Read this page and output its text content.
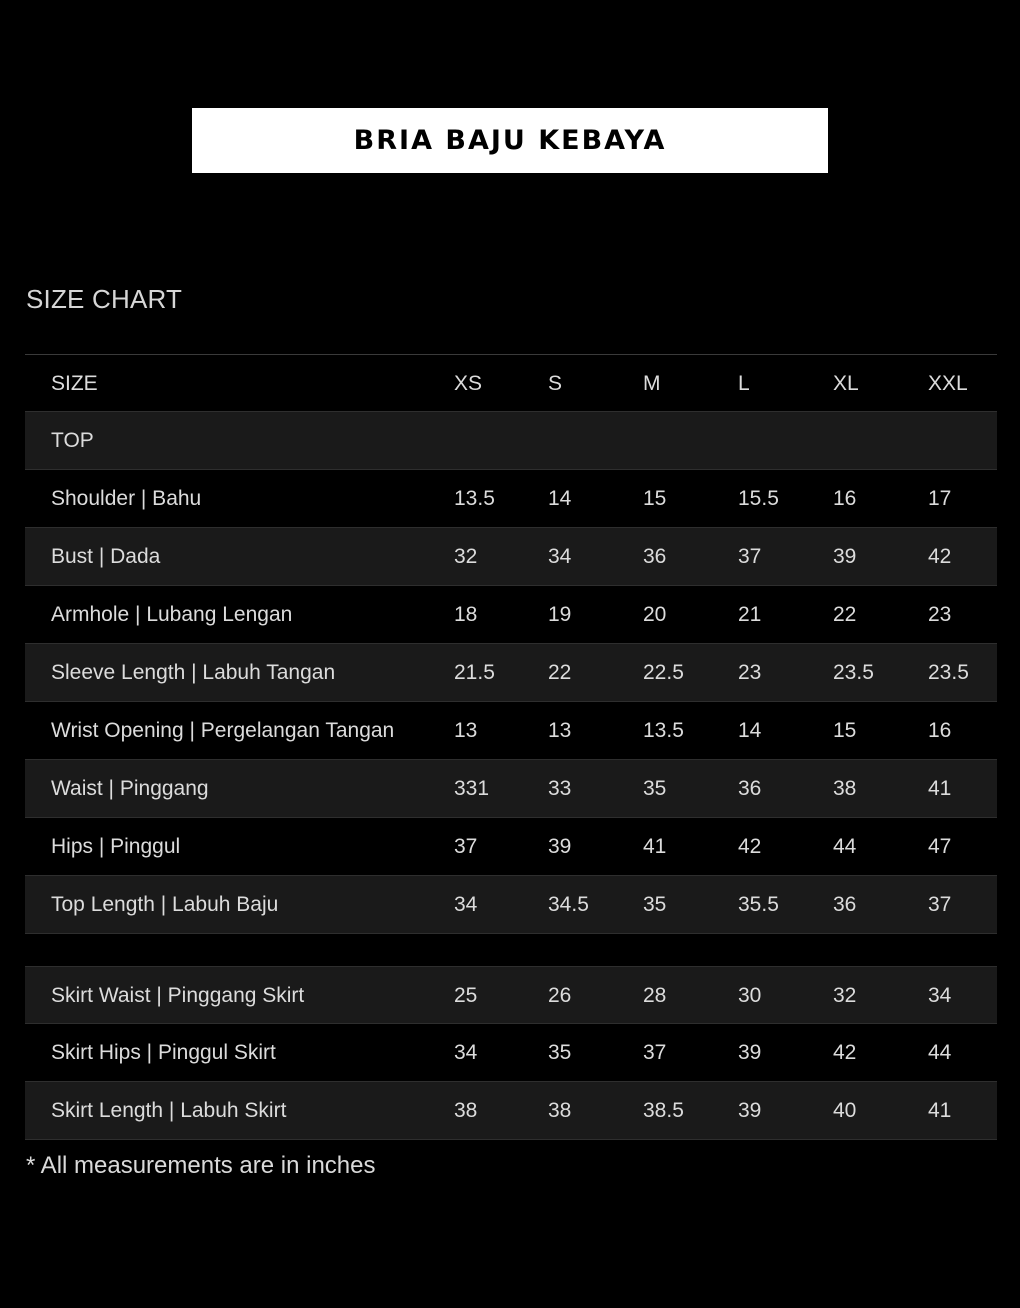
BRIA BAJU KEBAYA
SIZE CHART
SIZE	XS	S	M	L	XL	XXL
TOP
Shoulder | Bahu	13.5	14	15	15.5	16	17
Bust | Dada	32	34	36	37	39	42
Armhole | Lubang Lengan	18	19	20	21	22	23
Sleeve Length | Labuh Tangan	21.5	22	22.5	23	23.5	23.5
Wrist Opening | Pergelangan Tangan	13	13	13.5	14	15	16
Waist | Pinggang	331	33	35	36	38	41
Hips | Pinggul	37	39	41	42	44	47
Top Length | Labuh Baju	34	34.5	35	35.5	36	37
Skirt Waist | Pinggang Skirt	25	26	28	30	32	34
Skirt Hips | Pinggul Skirt	34	35	37	39	42	44
Skirt Length | Labuh Skirt	38	38	38.5	39	40	41
* All measurements are in inches
